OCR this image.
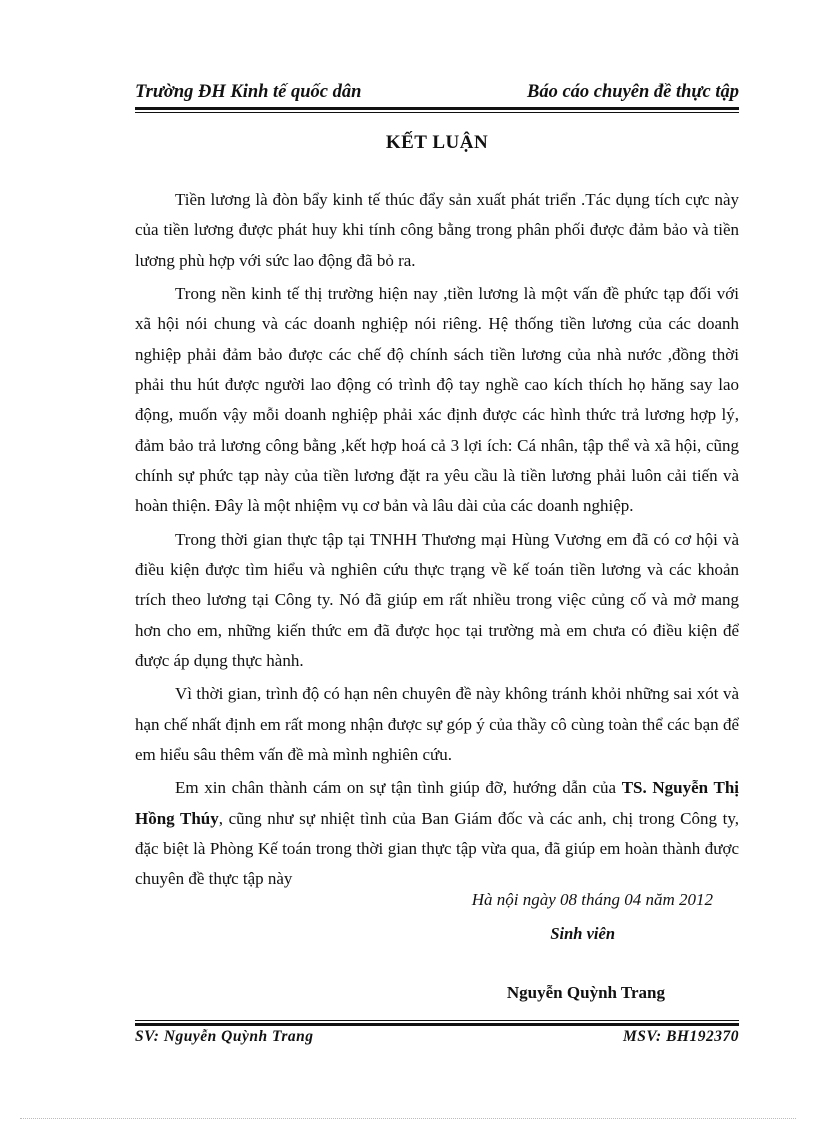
Trường ĐH Kinh tế quốc dân	Báo cáo chuyên đề thực tập
KẾT LUẬN

Tiền lương là đòn bẩy kinh tế thúc đẩy sản xuất phát triển .Tác dụng tích cực này của tiền lương được phát huy khi tính công bằng trong phân phối được đảm bảo và tiền lương phù hợp với sức lao động đã bỏ ra.

Trong nền kinh tế thị trường hiện nay ,tiền lương là một vấn đề phức tạp đối với xã hội nói chung và các doanh nghiệp nói riêng. Hệ thống tiền lương của các doanh nghiệp phải đảm bảo được các chế độ chính sách tiền lương của nhà nước ,đồng thời phải thu hút được người lao động có trình độ tay nghề cao kích thích họ hăng say lao động, muốn vậy mỗi doanh nghiệp phải xác định được các hình thức trả lương hợp lý, đảm bảo trả lương công bằng ,kết hợp hoá cả 3 lợi ích: Cá nhân, tập thể và xã hội, cũng chính sự phức tạp này của tiền lương đặt ra yêu cầu là tiền lương phải luôn cải tiến và hoàn thiện. Đây là một nhiệm vụ cơ bản và lâu dài của các doanh nghiệp.

Trong thời gian thực tập tại TNHH Thương mại Hùng Vương em đã có cơ hội và điều kiện được tìm hiểu và nghiên cứu thực trạng về kế toán tiền lương và các khoản trích theo lương tại Công ty. Nó đã giúp em rất nhiều trong việc củng cố và mở mang hơn cho em, những kiến thức em đã được học tại trường mà em chưa có điều kiện để được áp dụng thực hành.

Vì thời gian, trình độ có hạn nên chuyên đề này không tránh khỏi những sai xót và hạn chế nhất định em rất mong nhận được sự góp ý của thầy cô cùng toàn thể các bạn để em hiểu sâu thêm vấn đề mà mình nghiên cứu.

Em xin chân thành cám on sự tận tình giúp đỡ, hướng dẫn của TS. Nguyễn Thị Hồng Thúy, cũng như sự nhiệt tình của Ban Giám đốc và các anh, chị trong Công ty, đặc biệt là Phòng Kế toán trong thời gian thực tập vừa qua, đã giúp em hoàn thành được chuyên đề thực tập này

Hà nội ngày 08 tháng 04 năm 2012
Sinh viên
Nguyễn Quỳnh Trang
SV: Nguyễn Quỳnh Trang	MSV: BH192370
